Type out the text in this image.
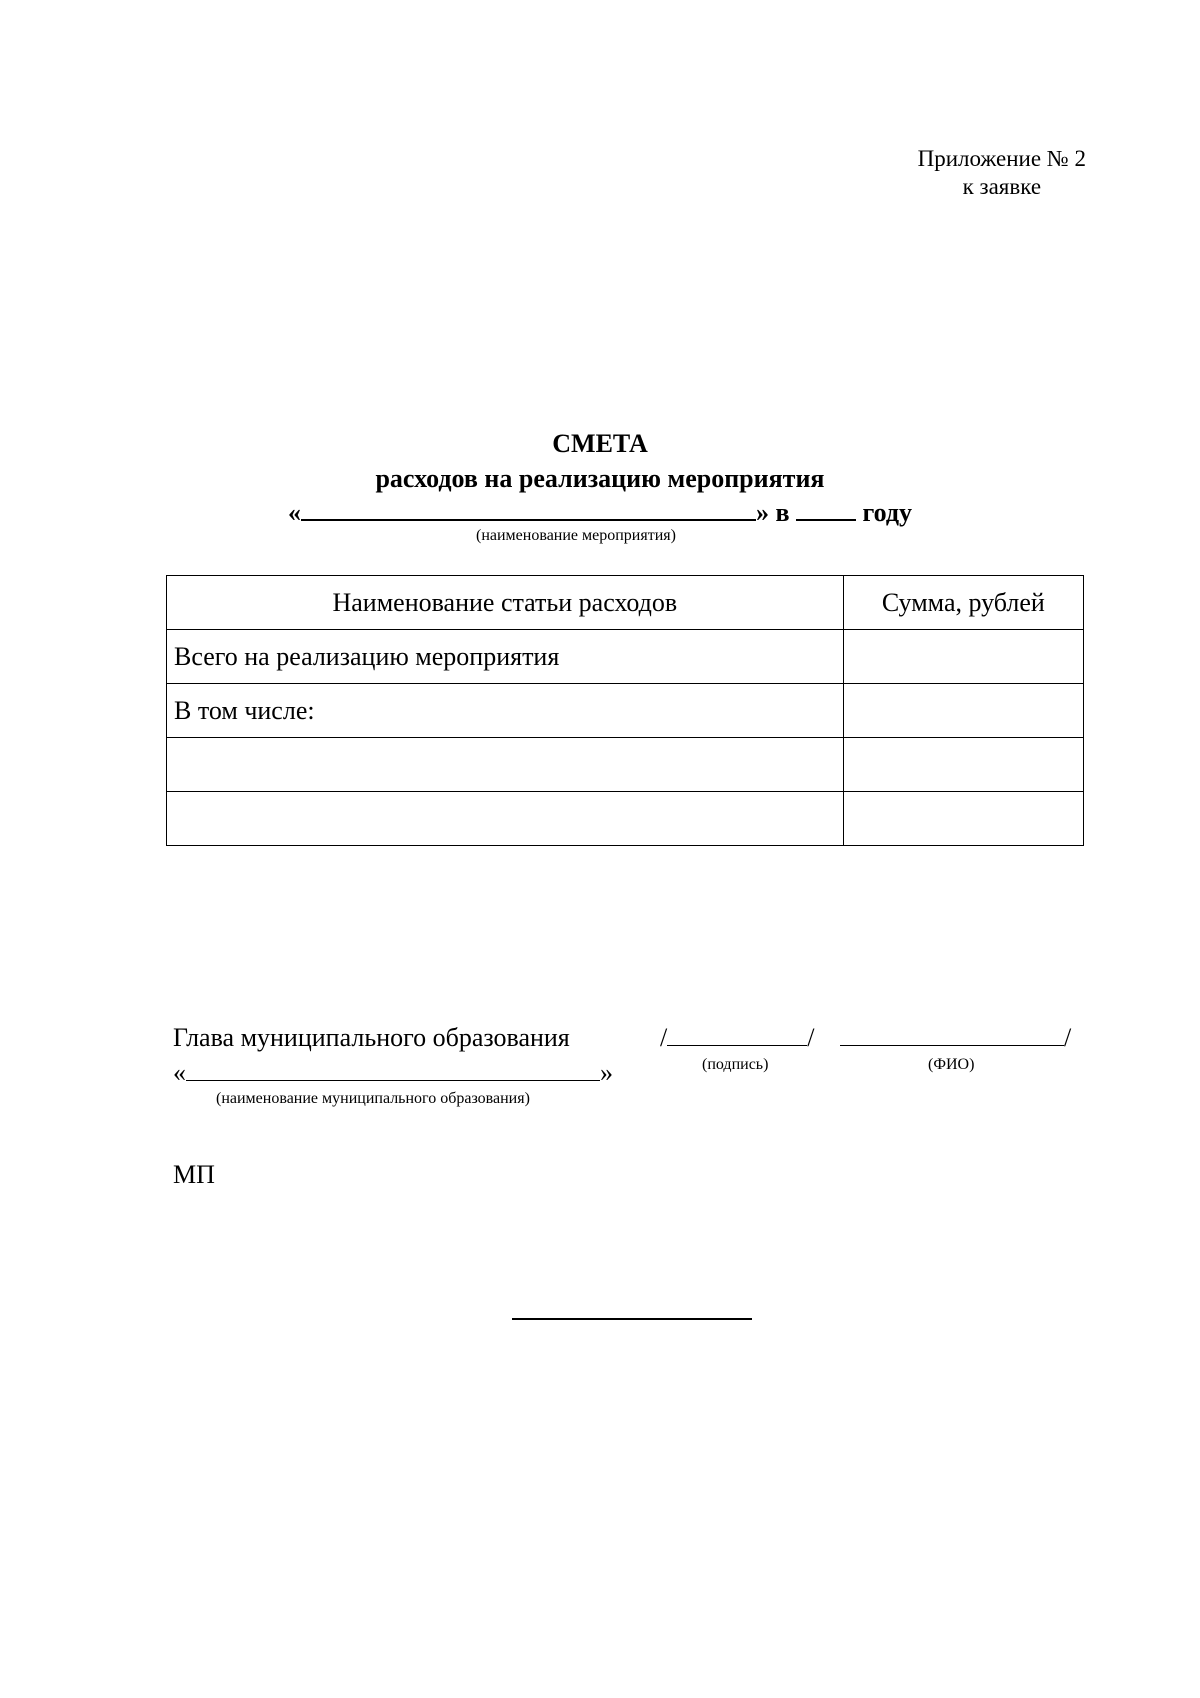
Приложение № 2
к заявке
СМЕТА
расходов на реализацию мероприятия
«	» в	году
(наименование мероприятия)
Наименование статьи расходов	Сумма, рублей
Всего на реализацию мероприятия	
В том числе:	

Глава муниципального образования	/	/
(подпись)
/
(ФИО)
«	»
(наименование муниципального образования)
МП
